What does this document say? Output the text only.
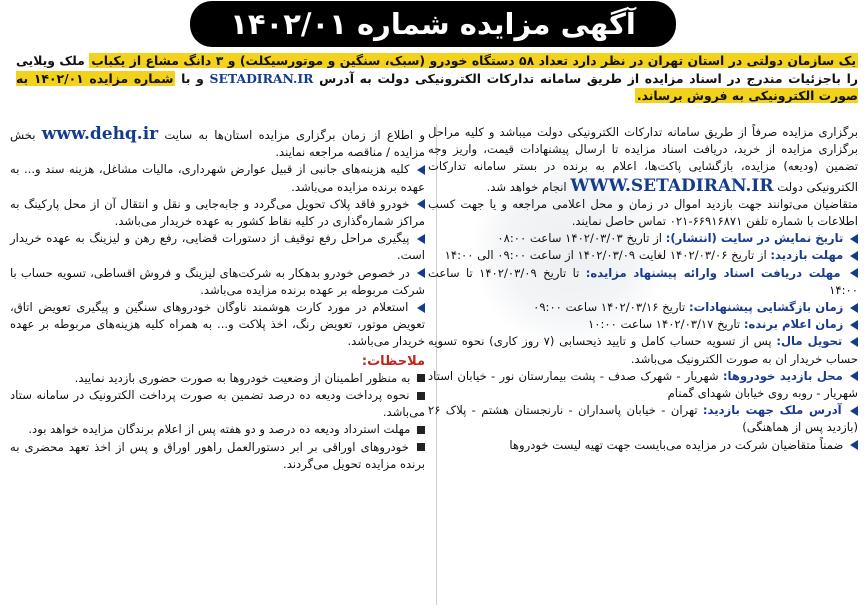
آگهی مزایده شماره ۱۴۰۲/۰۱
یک سازمان دولتی در استان تهران در نظر دارد تعداد ۵۸ دستگاه خودرو (سبک، سنگین و موتورسیکلت) و ۳ دانگ مشاع از یکباب ملک ویلایی را باجزئیات مندرج در اسناد مزایده از طریق سامانه تدارکات الکترونیکی دولت به آدرس SETADIRAN.IR و با شماره مزایده ۱۴۰۲/۰۱ به صورت الکترونیکی به فروش برساند.

برگزاری مزایده صرفاً از طریق سامانه تدارکات الکترونیکی دولت میباشد و کلیه مراحل برگزاری مزایده از خرید، دریافت اسناد مزایده تا ارسال پیشنهادات قیمت، واریز وجه تضمین (ودیعه) مزایده، بازگشایی پاکت‌ها، اعلام به برنده در بستر سامانه تدارکات الکترونیکی دولت WWW.SETADIRAN.IR انجام خواهد شد.

متقاضیان می‌توانند جهت بازدید اموال در زمان و محل اعلامی مراجعه و یا جهت کسب اطلاعات با شماره تلفن ۶۶۹۱۶۸۷۱-۰۲۱ تماس حاصل نمایند.

تاریخ نمایش در سایت (انتشار): از تاریخ ۱۴۰۲/۰۳/۰۳ ساعت ۰۸:۰۰
مهلت بازدید: از تاریخ ۱۴۰۲/۰۳/۰۶ لغایت ۱۴۰۲/۰۳/۰۹ از ساعت ۰۹:۰۰ الی ۱۴:۰۰
مهلت دریافت اسناد وارائه پیشنهاد مزایده: تا تاریخ ۱۴۰۲/۰۳/۰۹ تا ساعت ۱۴:۰۰
زمان بازگشایی پیشنهادات: تاریخ ۱۴۰۲/۰۳/۱۶ ساعت ۰۹:۰۰
زمان اعلام برنده: تاریخ ۱۴۰۲/۰۳/۱۷ ساعت ۱۰:۰۰
تحویل مال: پس از تسویه حساب کامل و تایید ذیحسابی (۷ روز کاری) نحوه تسویه حساب خریدار ان به صورت الکترونیک می‌باشد.
محل بازدید خودروها: شهریار - شهرک صدف - پشت بیمارستان نور - خیابان استاد شهریار - روبه روی خیابان شهدای گمنام
آدرس ملک جهت بازدید: تهران - خیابان پاسداران - نارنجستان هشتم - پلاک ۲۶ (بازدید پس از هماهنگی)
ضمناً متقاضیان شرکت در مزایده می‌بایست جهت تهیه لیست خودروها

و اطلاع از زمان برگزاری مزایده استان‌ها به سایت www.dehq.ir بخش مزایده / مناقصه مراجعه نمایند.

کلیه هزینه‌های جانبی از قبیل عوارض شهرداری، مالیات مشاغل، هزینه سند و... به عهده برنده مزایده می‌باشد.
خودرو فاقد پلاک تحویل می‌گردد و جابه‌جایی و نقل و انتقال آن از محل پارکینگ به مراکز شماره‌گذاری در کلیه نقاط کشور به عهده خریدار می‌باشد.
پیگیری مراحل رفع توقیف از دستورات قضایی، رفع رهن و لیزینگ به عهده خریدار است.
در خصوص خودرو بدهکار به شرکت‌های لیزینگ و فروش اقساطی، تسویه حساب با شرکت مربوطه بر عهده برنده مزایده می‌باشد.
استعلام در مورد کارت هوشمند ناوگان خودروهای سنگین و پیگیری تعویض اتاق، تعویض موتور، تعویض رنگ، اخذ پلاکت و... به همراه کلیه هزینه‌های مربوطه بر عهده خریدار می‌باشد.
ملاحظات:
به منظور اطمینان از وضعیت خودروها به صورت حضوری بازدید نمایید.
نحوه پرداخت ودیعه ده درصد تضمین به صورت پرداخت الکترونیک در سامانه ستاد می‌باشد.
مهلت استرداد ودیعه ده درصد و دو هفته پس از اعلام برندگان مزایده خواهد بود.
خودروهای اوراقی بر ابر دستورالعمل راهور اوراق و پس از اخذ تعهد محضری به برنده مزایده تحویل می‌گردند.
